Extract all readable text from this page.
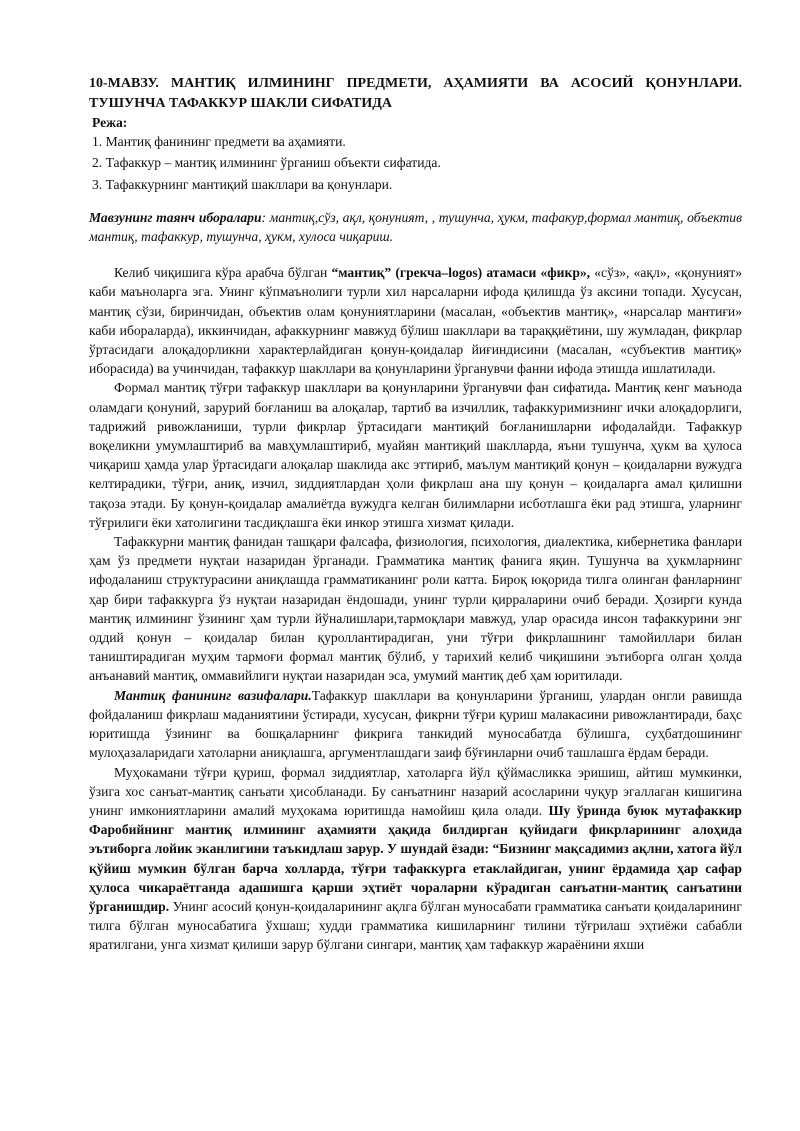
10-МАВЗУ. МАНТИҚ ИЛМИНИНГ ПРЕДМЕТИ, АҲАМИЯТИ ВА АСОСИЙ ҚОНУНЛАРИ. ТУШУНЧА ТАФАККУР ШАКЛИ СИФАТИДА

Режа:

1. Мантиқ фанининг предмети ва аҳамияти.
2. Тафаккур – мантиқ илмининг ўрганиш объекти сифатида.
3. Тафаккурнинг мантиқий шакллари ва қонунлари.

Мавзунинг таянч иборалари: мантиқ,сўз, ақл, қонуният, , тушунча, ҳукм, тафакур,формал мантиқ, объектив мантиқ, тафаккур, тушунча, ҳукм, хулоса чиқариш.

Келиб чиқишига кўра арабча бўлган “мантиқ” (грекча–logos) атамаси «фикр», «сўз», «ақл», «қонуният» каби маъноларга эга. Унинг кўпмаънолиги турли хил нарсаларни ифода қилишда ўз аксини топади. Хусусан, мантиқ сўзи, биринчидан, объектив олам қонуниятларини (масалан, «объектив мантиқ», «нарсалар мантиғи» каби ибораларда), иккинчидан, афаккурнинг мавжуд бўлиш шакллари ва тараққиётини, шу жумладан, фикрлар ўртасидаги алоқадорликни характерлайдиган қонун-қоидалар йиғиндисини (масалан, «субъектив мантиқ» иборасида) ва учинчидан, тафаккур шакллари ва қонунларини ўрганувчи фанни ифода этишда ишлатилади.

Формал мантиқ тўғри тафаккур шакллари ва қонунларини ўрганувчи фан сифатида. Мантиқ кенг маънода оламдаги қонуний, зарурий боғланиш ва алоқалар, тартиб ва изчиллик, тафаккуримизнинг ички алоқадорлиги, тадрижий ривожланиши, турли фикрлар ўртасидаги мантиқий боғланишларни ифодалайди. Тафаккур воқеликни умумлаштириб ва мавҳумлаштириб, муайян мантиқий шаклларда, яъни тушунча, ҳукм ва ҳулоса чиқариш ҳамда улар ўртасидаги алоқалар шаклида акс эттириб, маълум мантиқий қонун – қоидаларни вужудга келтирадики, тўғри, аниқ, изчил, зиддиятлардан ҳоли фикрлаш ана шу қонун – қоидаларга амал қилишни тақоза этади. Бу қонун-қоидалар амалиётда вужудга келган билимларни исботлашга ёки рад этишга, уларнинг тўғрилиги ёки хатолигини тасдиқлашга ёки инкор этишга хизмат қилади.

Тафаккурни мантиқ фанидан ташқари фалсафа, физиология, психология, диалектика, кибернетика фанлари ҳам ўз предмети нуқтаи назаридан ўрганади. Грамматика мантиқ фанига яқин. Тушунча ва ҳукмларнинг ифодаланиш структурасини аниқлашда грамматиканинг роли катта. Бироқ юқорида тилга олинган фанларнинг ҳар бири тафаккурга ўз нуқтаи назаридан ёндошади, унинг турли қирраларини очиб беради. Ҳозирги кунда мантиқ илмининг ўзининг ҳам турли йўналишлари,тармоқлари мавжуд, улар орасида инсон тафаккурини энг оддий қонун – қоидалар билан қуроллантирадиган, уни тўғри фикрлашнинг тамойиллари билан таништирадиган муҳим тармоғи формал мантиқ бўлиб, у тарихий келиб чиқишини эътиборга олган ҳолда анъанавий мантиқ, оммавийлиги нуқтаи назаридан эса, умумий мантиқ деб ҳам юритилади.

Мантиқ фанининг вазифалари.Тафаккур шакллари ва қонунларини ўрганиш, улардан онгли равишда фойдаланиш фикрлаш маданиятини ўстиради, хусусан, фикрни тўғри қуриш малакасини ривожлантиради, баҳс юритишда ўзининг ва бошқаларнинг фикрига танкидий муносабатда бўлишга, суҳбатдошининг мулоҳазаларидаги хатоларни аниқлашга, аргументлашдаги заиф бўғинларни очиб ташлашга ёрдам беради.

Муҳокамани тўғри қуриш, формал зиддиятлар, хатоларга йўл қўймасликка эришиш, айтиш мумкинки, ўзига хос санъат-мантиқ санъати ҳисобланади. Бу санъатнинг назарий асосларини чуқур эгаллаган кишигина унинг имкониятларини амалий муҳокама юритишда намойиш қила олади. Шу ўринда буюк мутафаккир Фаробийнинг мантиқ илмининг аҳамияти ҳақида билдирган қуйидаги фикрларининг алоҳида эътиборга лойик эканлигини таъкидлаш зарур. У шундай ёзади: “Бизнинг мақсадимиз ақлни, хатога йўл қўйиш мумкин бўлган барча холларда, тўғри тафаккурга етаклайдиган, унинг ёрдамида ҳар сафар ҳулоса чикараётганда адашишга қарши эҳтиёт чораларни кўрадиган санъатни-мантиқ санъатини ўрганишдир. Унинг асосий қонун-қоидаларининг ақлга бўлган муносабати грамматика санъати қоидаларининг тилга бўлган муносабатига ўхшаш; худди грамматика кишиларнинг тилини тўғрилаш эҳтиёжи сабабли яратилгани, унга хизмат қилиши зарур бўлгани сингари, мантиқ ҳам тафаккур жараёнини яхши
